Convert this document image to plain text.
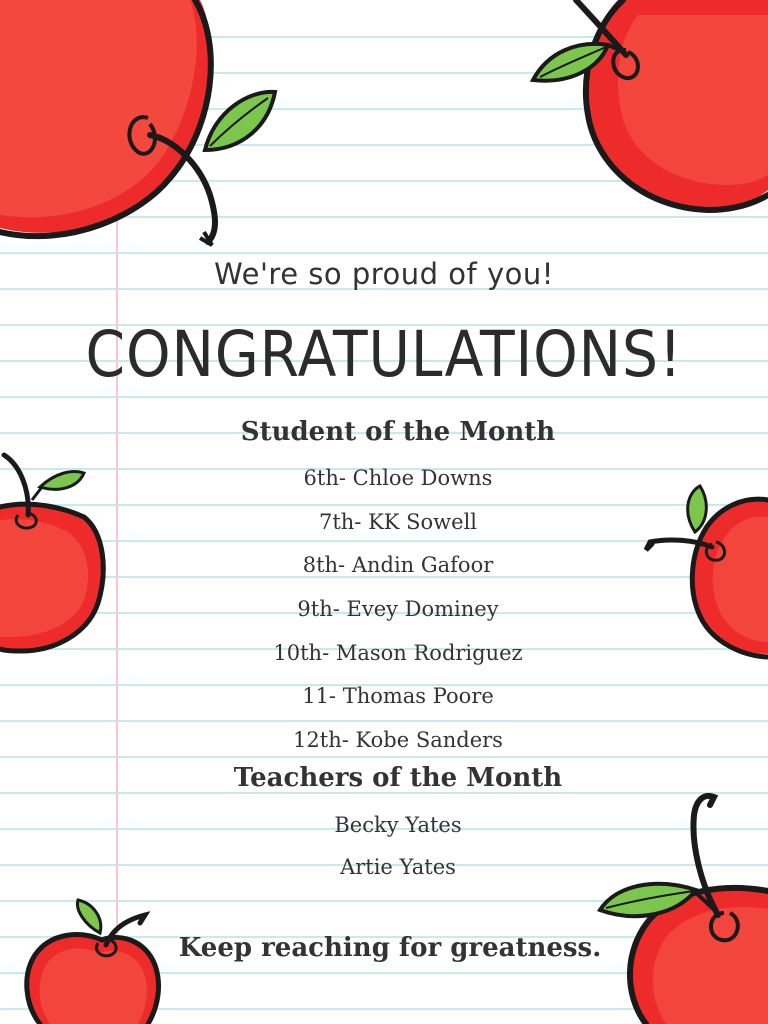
We're so proud of you!
CONGRATULATIONS!
Student of the Month
6th- Chloe Downs
7th- KK Sowell
8th- Andin Gafoor
9th- Evey Dominey
10th- Mason Rodriguez
11- Thomas Poore
12th- Kobe Sanders
Teachers of the Month
Becky Yates
Artie Yates
Keep reaching for greatness.
